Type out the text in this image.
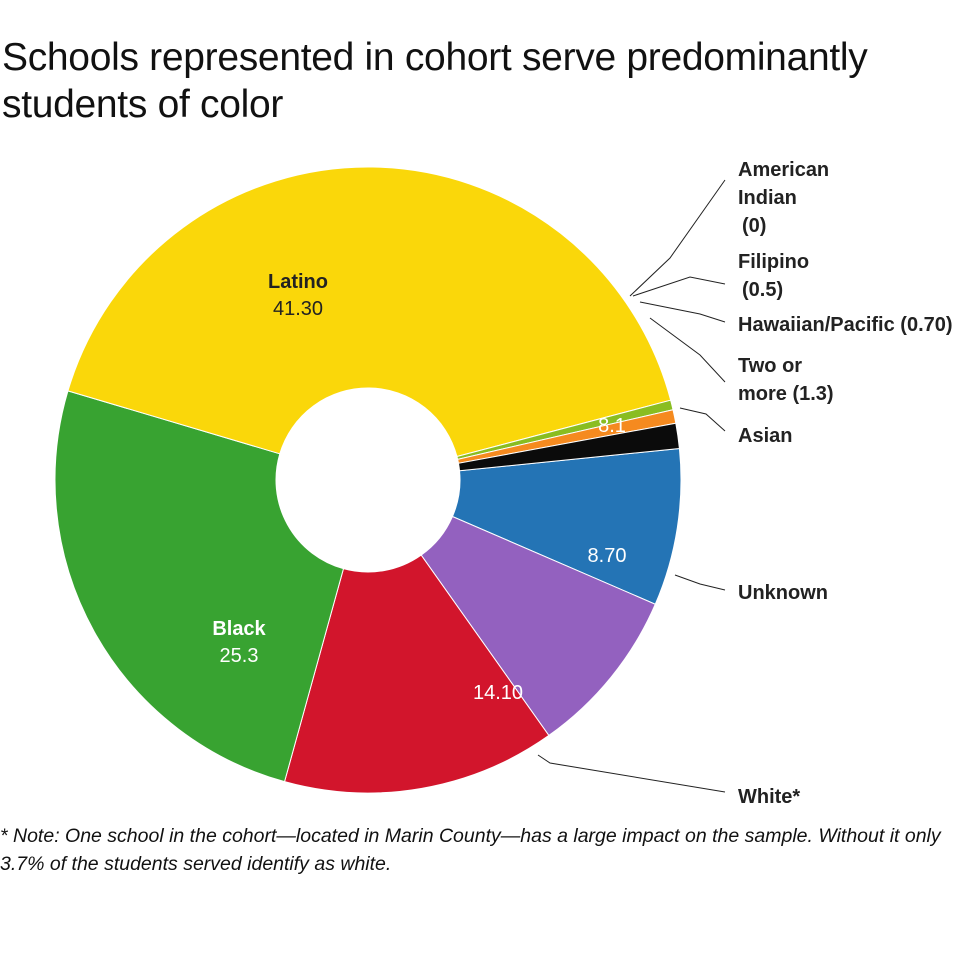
Schools represented in cohort serve predominantly students of color
8.1	Asian
8.70
Unknown
14.10
White*
Black
25.3
Latino
41.30
American Indian (0)
Filipino (0.5)
Hawaiian/Pacific (0.70)
Two or more (1.3)

* Note: One school in the cohort—located in Marin County—has a large impact on the sample. Without it only 3.7% of the students served identify as white.
